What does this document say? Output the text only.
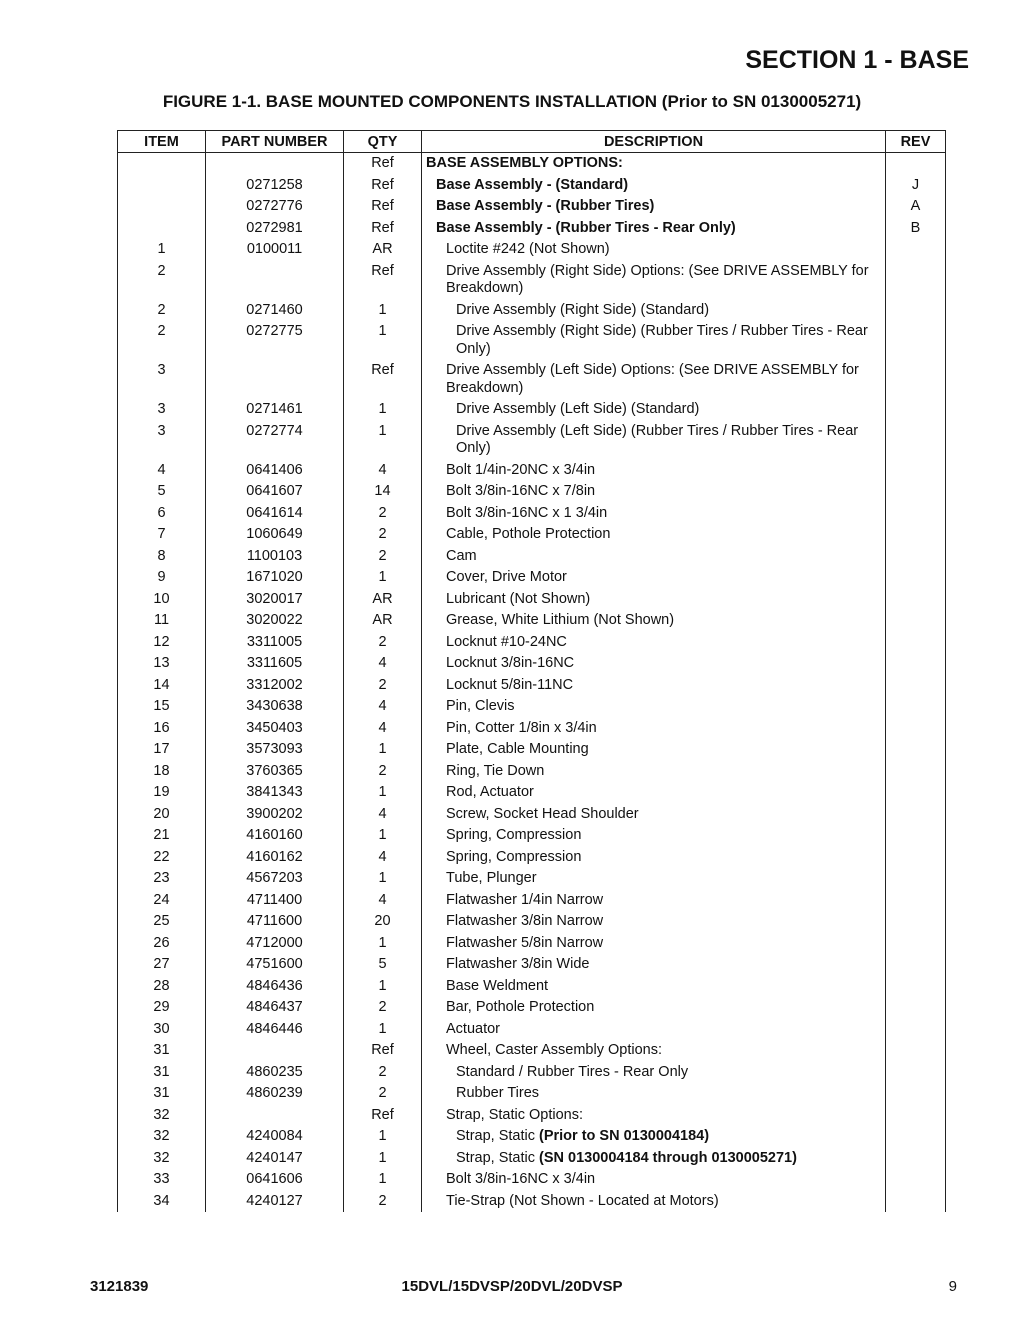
SECTION 1 - BASE
FIGURE 1-1. BASE MOUNTED COMPONENTS INSTALLATION (Prior to SN 0130005271)
ITEM	PART NUMBER	QTY	DESCRIPTION	REV
		Ref	BASE ASSEMBLY OPTIONS:	
	0271258	Ref	Base Assembly - (Standard)	J
	0272776	Ref	Base Assembly - (Rubber Tires)	A
	0272981	Ref	Base Assembly - (Rubber Tires - Rear Only)	B
1	0100011	AR	Loctite #242 (Not Shown)	
2		Ref	Drive Assembly (Right Side) Options: (See DRIVE ASSEMBLY for Breakdown)	
2	0271460	1	Drive Assembly (Right Side) (Standard)	
2	0272775	1	Drive Assembly (Right Side) (Rubber Tires / Rubber Tires - Rear Only)	
3		Ref	Drive Assembly (Left Side) Options: (See DRIVE ASSEMBLY for Breakdown)	
3	0271461	1	Drive Assembly (Left Side) (Standard)	
3	0272774	1	Drive Assembly (Left Side) (Rubber Tires / Rubber Tires - Rear Only)	
4	0641406	4	Bolt 1/4in-20NC x 3/4in	
5	0641607	14	Bolt 3/8in-16NC x 7/8in	
6	0641614	2	Bolt 3/8in-16NC x 1 3/4in	
7	1060649	2	Cable, Pothole Protection	
8	1100103	2	Cam	
9	1671020	1	Cover, Drive Motor	
10	3020017	AR	Lubricant (Not Shown)	
11	3020022	AR	Grease, White Lithium (Not Shown)	
12	3311005	2	Locknut #10-24NC	
13	3311605	4	Locknut 3/8in-16NC	
14	3312002	2	Locknut 5/8in-11NC	
15	3430638	4	Pin, Clevis	
16	3450403	4	Pin, Cotter 1/8in x 3/4in	
17	3573093	1	Plate, Cable Mounting	
18	3760365	2	Ring, Tie Down	
19	3841343	1	Rod, Actuator	
20	3900202	4	Screw, Socket Head Shoulder	
21	4160160	1	Spring, Compression	
22	4160162	4	Spring, Compression	
23	4567203	1	Tube, Plunger	
24	4711400	4	Flatwasher 1/4in Narrow	
25	4711600	20	Flatwasher 3/8in Narrow	
26	4712000	1	Flatwasher 5/8in Narrow	
27	4751600	5	Flatwasher 3/8in Wide	
28	4846436	1	Base Weldment	
29	4846437	2	Bar, Pothole Protection	
30	4846446	1	Actuator	
31		Ref	Wheel, Caster Assembly Options:	
31	4860235	2	Standard / Rubber Tires - Rear Only	
31	4860239	2	Rubber Tires	
32		Ref	Strap, Static Options:	
32	4240084	1	Strap, Static (Prior to SN 0130004184)	
32	4240147	1	Strap, Static (SN 0130004184 through 0130005271)	
33	0641606	1	Bolt 3/8in-16NC x 3/4in	
34	4240127	2	Tie-Strap (Not Shown - Located at Motors)	
3121839	15DVL/15DVSP/20DVL/20DVSP	9
